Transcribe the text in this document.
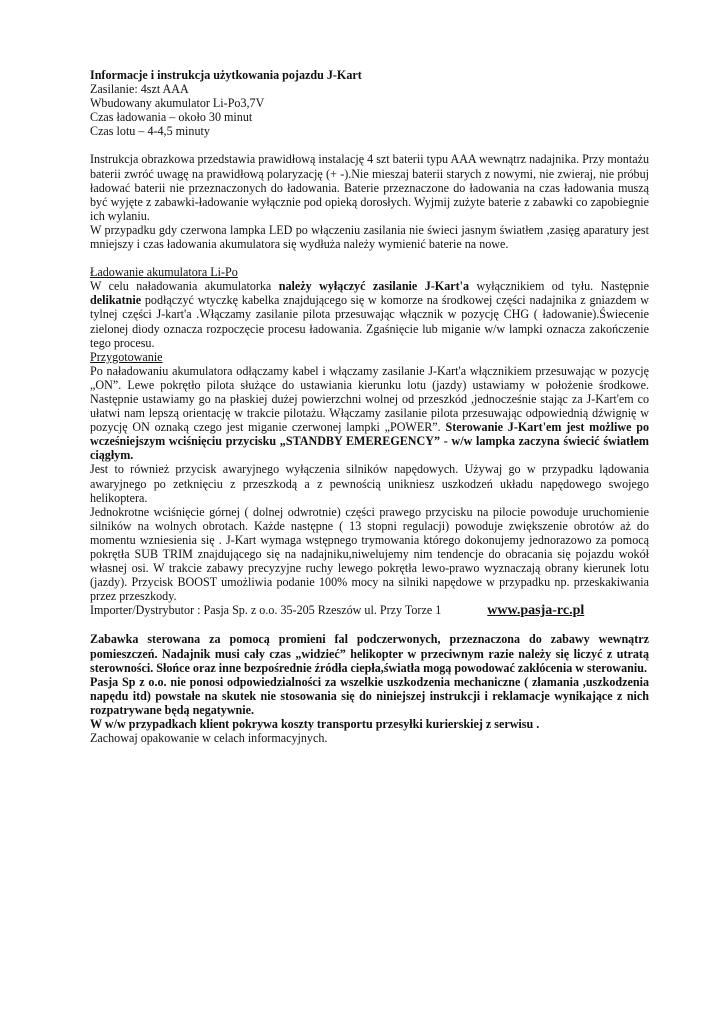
Informacje i instrukcja użytkowania pojazdu J-Kart

Zasilanie: 4szt AAA

Wbudowany akumulator Li-Po3,7V

Czas ładowania – około 30 minut

Czas lotu – 4-4,5 minuty

Instrukcja obrazkowa przedstawia prawidłową instalację 4 szt baterii typu AAA wewnątrz nadajnika. Przy montażu baterii zwróć uwagę na prawidłową polaryzację (+ -).Nie mieszaj baterii starych z nowymi, nie zwieraj, nie próbuj ładować baterii nie przeznaczonych do ładowania. Baterie przeznaczone do ładowania na czas ładowania muszą być wyjęte z zabawki-ładowanie wyłącznie pod opieką dorosłych. Wyjmij zużyte baterie z zabawki co zapobiegnie ich wylaniu.

W przypadku gdy czerwona lampka LED po włączeniu zasilania nie świeci jasnym światłem ,zasięg aparatury jest mniejszy i czas ładowania akumulatora się wydłuża należy wymienić baterie na nowe.

Ładowanie akumulatora Li-Po

W celu naładowania akumulatorka należy wyłączyć zasilanie J-Kart'a wyłącznikiem od tyłu. Następnie delikatnie podłączyć wtyczkę kabelka znajdującego się w komorze na środkowej części nadajnika z gniazdem w tylnej części J-kart'a .Włączamy zasilanie pilota przesuwając włącznik w pozycję CHG ( ładowanie).Świecenie zielonej diody oznacza rozpoczęcie procesu ładowania. Zgaśnięcie lub miganie w/w lampki oznacza zakończenie tego procesu.

Przygotowanie

Po naładowaniu akumulatora odłączamy kabel i włączamy zasilanie J-Kart'a włącznikiem przesuwając w pozycję „ON”. Lewe pokrętło pilota służące do ustawiania kierunku lotu (jazdy) ustawiamy w położenie środkowe. Następnie ustawiamy go na płaskiej dużej powierzchni wolnej od przeszkód ,jednocześnie stając za J-Kart'em co ułatwi nam lepszą orientację w trakcie pilotażu. Włączamy zasilanie pilota przesuwając odpowiednią dźwignię w pozycję ON oznaką czego jest miganie czerwonej lampki „POWER”. Sterowanie J-Kart'em jest możliwe po wcześniejszym wciśnięciu przycisku „STANDBY EMEREGENCY” - w/w lampka zaczyna świecić światłem ciągłym.

Jest to również przycisk awaryjnego wyłączenia silników napędowych. Używaj go w przypadku lądowania awaryjnego po zetknięciu z przeszkodą a z pewnością unikniesz uszkodzeń układu napędowego swojego helikoptera.

Jednokrotne wciśnięcie górnej ( dolnej odwrotnie) części prawego przycisku na pilocie powoduje uruchomienie silników na wolnych obrotach. Każde następne ( 13 stopni regulacji) powoduje zwiększenie obrotów aż do momentu wzniesienia się . J-Kart wymaga wstępnego trymowania którego dokonujemy jednorazowo za pomocą pokrętła SUB TRIM znajdującego się na nadajniku,niwelujemy nim tendencje do obracania się pojazdu wokół własnej osi. W trakcie zabawy precyzyjne ruchy lewego pokrętła lewo-prawo wyznaczają obrany kierunek lotu (jazdy). Przycisk BOOST umożliwia podanie 100% mocy na silniki napędowe w przypadku np. przeskakiwania przez przeszkody.

Importer/Dystrybutor : Pasja Sp. z o.o. 35-205 Rzeszów ul. Przy Torze 1	www.pasja-rc.pl

Zabawka sterowana za pomocą promieni fal podczerwonych, przeznaczona do zabawy wewnątrz pomieszczeń. Nadajnik musi cały czas „widzieć” helikopter w przeciwnym razie należy się liczyć z utratą sterowności. Słońce oraz inne bezpośrednie źródła ciepła,światła mogą powodować zakłócenia w sterowaniu.

Pasja Sp z o.o. nie ponosi odpowiedzialności za wszelkie uszkodzenia mechaniczne ( złamania ,uszkodzenia napędu itd) powstałe na skutek nie stosowania się do niniejszej instrukcji i reklamacje wynikające z nich rozpatrywane będą negatywnie.

W w/w przypadkach klient pokrywa koszty transportu przesyłki kurierskiej z serwisu .

Zachowaj opakowanie w celach informacyjnych.
